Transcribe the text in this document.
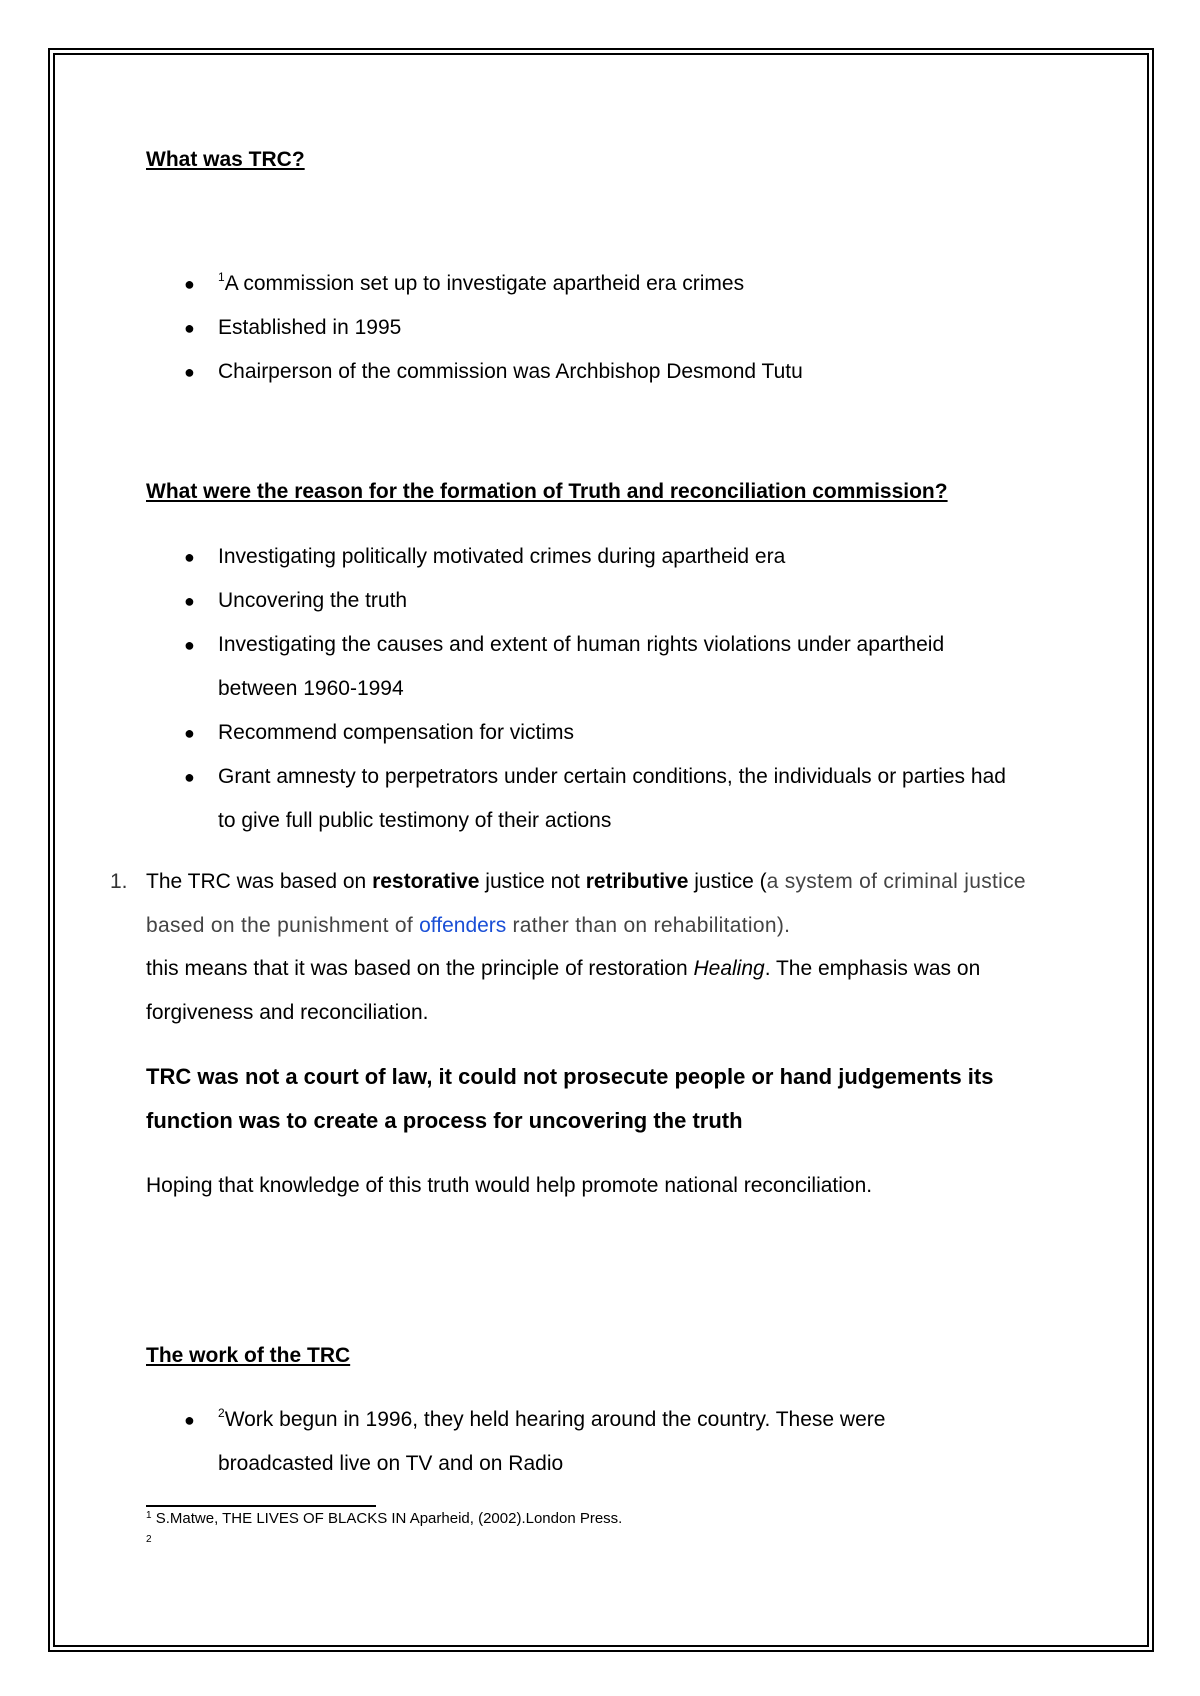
What was TRC?
● $^1$A commission set up to investigate apartheid era crimes
● Established in 1995
● Chairperson of the commission was Archbishop Desmond Tutu
What were the reason for the formation of Truth and reconciliation commission?
● Investigating politically motivated crimes during apartheid era
● Uncovering the truth
● Investigating the causes and extent of human rights violations under apartheid between 1960-1994
● Recommend compensation for victims
● Grant amnesty to perpetrators under certain conditions, the individuals or parties had to give full public testimony of their actions
1. The TRC was based on restorative justice not retributive justice (a system of criminal justice based on the punishment of offenders rather than on rehabilitation).
this means that it was based on the principle of restoration Healing. The emphasis was on forgiveness and reconciliation.
TRC was not a court of law, it could not prosecute people or hand judgements its function was to create a process for uncovering the truth
Hoping that knowledge of this truth would help promote national reconciliation.
The work of the TRC
● $^2$Work begun in 1996, they held hearing around the country. These were broadcasted live on TV and on Radio
$^1$ S.Matwe, THE LIVES OF BLACKS IN Aparheid, (2002).London Press.
$^2$
